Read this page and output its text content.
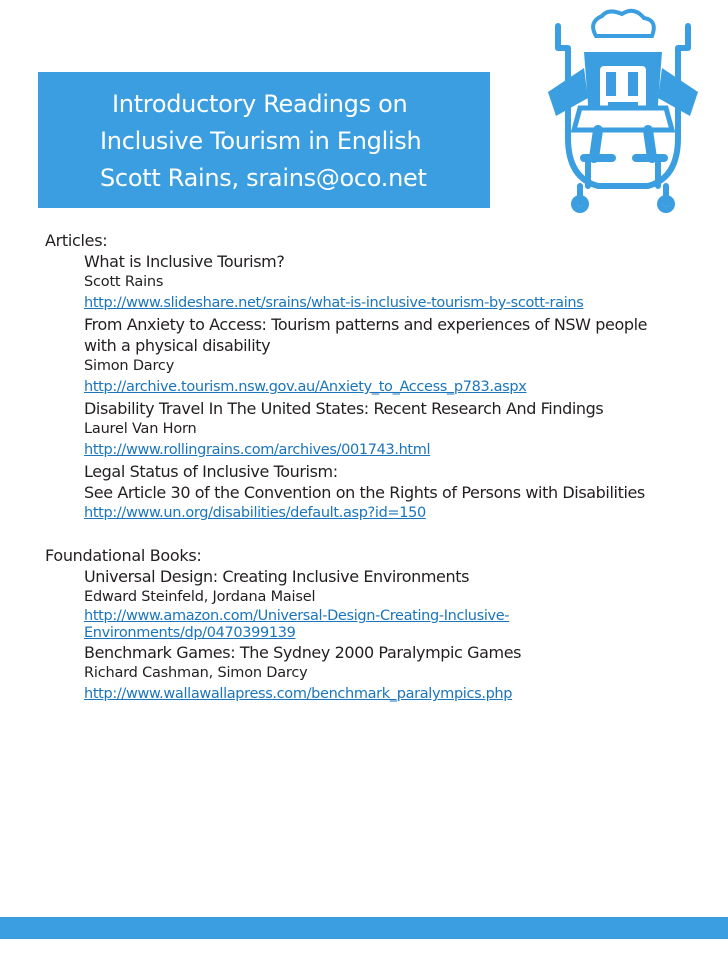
Introductory Readings on
Inclusive Tourism in English
Scott Rains, srains@oco.net
Articles:

What is Inclusive Tourism?

Scott Rains

http://www.slideshare.net/srains/what-is-inclusive-tourism-by-scott-rains

From Anxiety to Access: Tourism patterns and experiences of NSW people

with a physical disability

Simon Darcy

http://archive.tourism.nsw.gov.au/Anxiety_to_Access_p783.aspx

Disability Travel In The United States: Recent Research And Findings

Laurel Van Horn

http://www.rollingrains.com/archives/001743.html

Legal Status of Inclusive Tourism:

See Article 30 of the Convention on the Rights of Persons with Disabilities

http://www.un.org/disabilities/default.asp?id=150
Foundational Books:

Universal Design: Creating Inclusive Environments

Edward Steinfeld, Jordana Maisel

http://www.amazon.com/Universal-Design-Creating-Inclusive-
Environments/dp/0470399139

Benchmark Games: The Sydney 2000 Paralympic Games

Richard Cashman, Simon Darcy

http://www.wallawallapress.com/benchmark_paralympics.php
